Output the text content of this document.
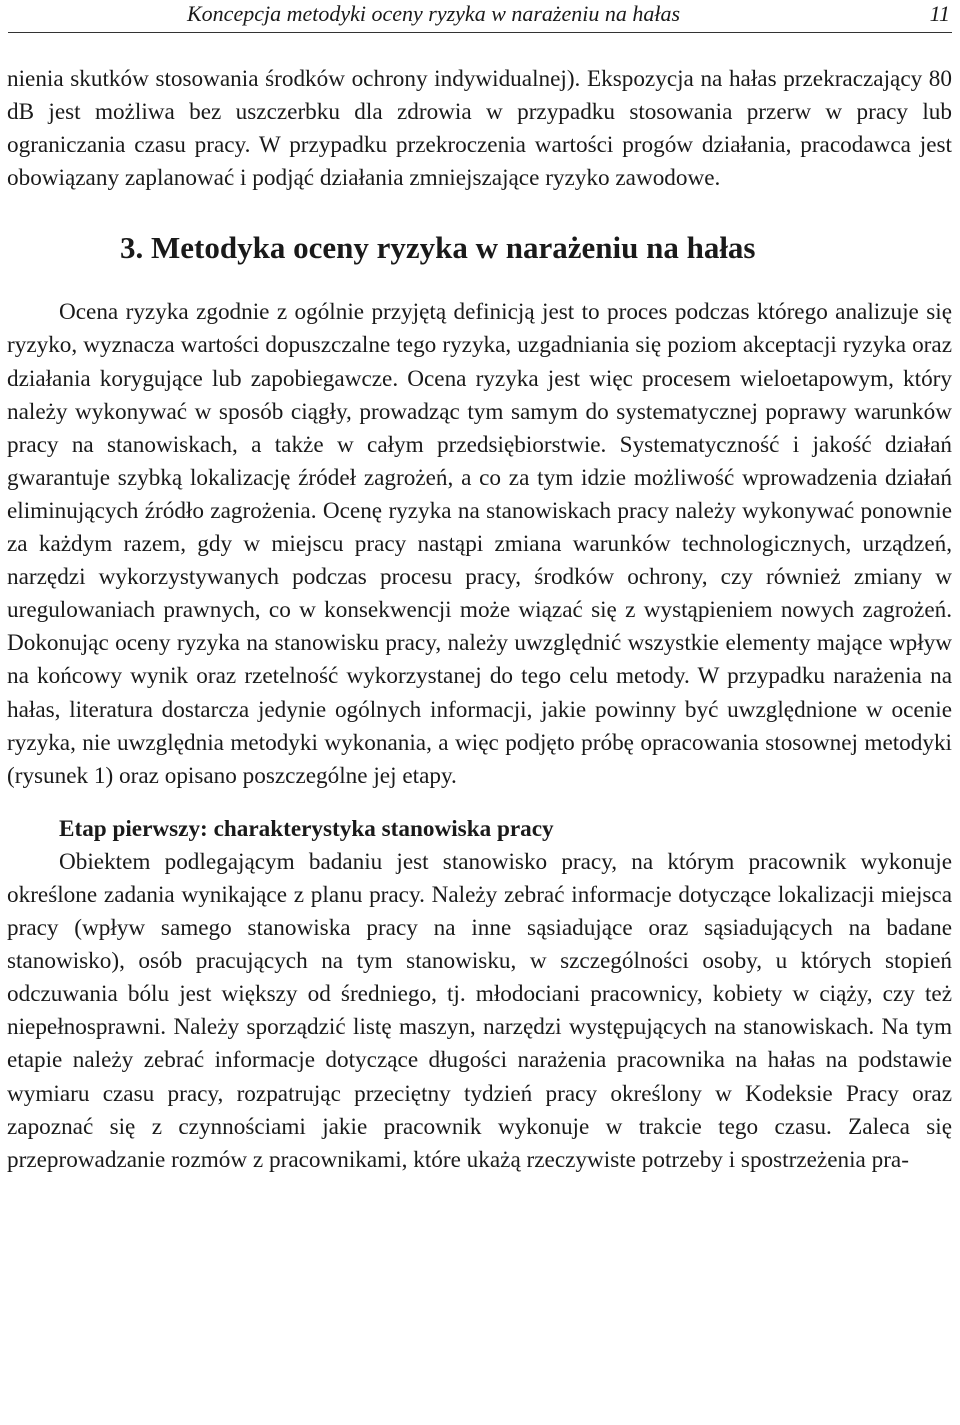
Koncepcja metodyki oceny ryzyka w narażeniu na hałas	11

nienia skutków stosowania środków ochrony indywidualnej). Ekspozycja na hałas przekraczający 80 dB jest możliwa bez uszczerbku dla zdrowia w przypadku stosowania przerw w pracy lub ograniczania czasu pracy. W przypadku przekroczenia wartości progów działania, pracodawca jest obowiązany zaplanować i podjąć działania zmniejszające ryzyko zawodowe.

3. Metodyka oceny ryzyka w narażeniu na hałas

Ocena ryzyka zgodnie z ogólnie przyjętą definicją jest to proces podczas którego analizuje się ryzyko, wyznacza wartości dopuszczalne tego ryzyka, uzgadniania się poziom akceptacji ryzyka oraz działania korygujące lub zapobiegawcze. Ocena ryzyka jest więc procesem wieloetapowym, który należy wykonywać w sposób ciągły, prowadząc tym samym do systematycznej poprawy warunków pracy na stanowiskach, a także w całym przedsiębiorstwie. Systematyczność i jakość działań gwarantuje szybką lokalizację źródeł zagrożeń, a co za tym idzie możliwość wprowadzenia działań eliminujących źródło zagrożenia. Ocenę ryzyka na stanowiskach pracy należy wykonywać ponownie za każdym razem, gdy w miejscu pracy nastąpi zmiana warunków technologicznych, urządzeń, narzędzi wykorzystywanych podczas procesu pracy, środków ochrony, czy również zmiany w uregulowaniach prawnych, co w konsekwencji może wiązać się z wystąpieniem nowych zagrożeń. Dokonując oceny ryzyka na stanowisku pracy, należy uwzględnić wszystkie elementy mające wpływ na końcowy wynik oraz rzetelność wykorzystanej do tego celu metody. W przypadku narażenia na hałas, literatura dostarcza jedynie ogólnych informacji, jakie powinny być uwzględnione w ocenie ryzyka, nie uwzględnia metodyki wykonania, a więc podjęto próbę opracowania stosownej metodyki (rysunek 1) oraz opisano poszczególne jej etapy.

Etap pierwszy: charakterystyka stanowiska pracy

Obiektem podlegającym badaniu jest stanowisko pracy, na którym pracownik wykonuje określone zadania wynikające z planu pracy. Należy zebrać informacje dotyczące lokalizacji miejsca pracy (wpływ samego stanowiska pracy na inne sąsiadujące oraz sąsiadujących na badane stanowisko), osób pracujących na tym stanowisku, w szczególności osoby, u których stopień odczuwania bólu jest większy od średniego, tj. młodociani pracownicy, kobiety w ciąży, czy też niepełnosprawni. Należy sporządzić listę maszyn, narzędzi występujących na stanowiskach. Na tym etapie należy zebrać informacje dotyczące długości narażenia pracownika na hałas na podstawie wymiaru czasu pracy, rozpatrując przeciętny tydzień pracy określony w Kodeksie Pracy oraz zapoznać się z czynnościami jakie pracownik wykonuje w trakcie tego czasu. Zaleca się przeprowadzanie rozmów z pracownikami, które ukażą rzeczywiste potrzeby i spostrzeżenia pra-
